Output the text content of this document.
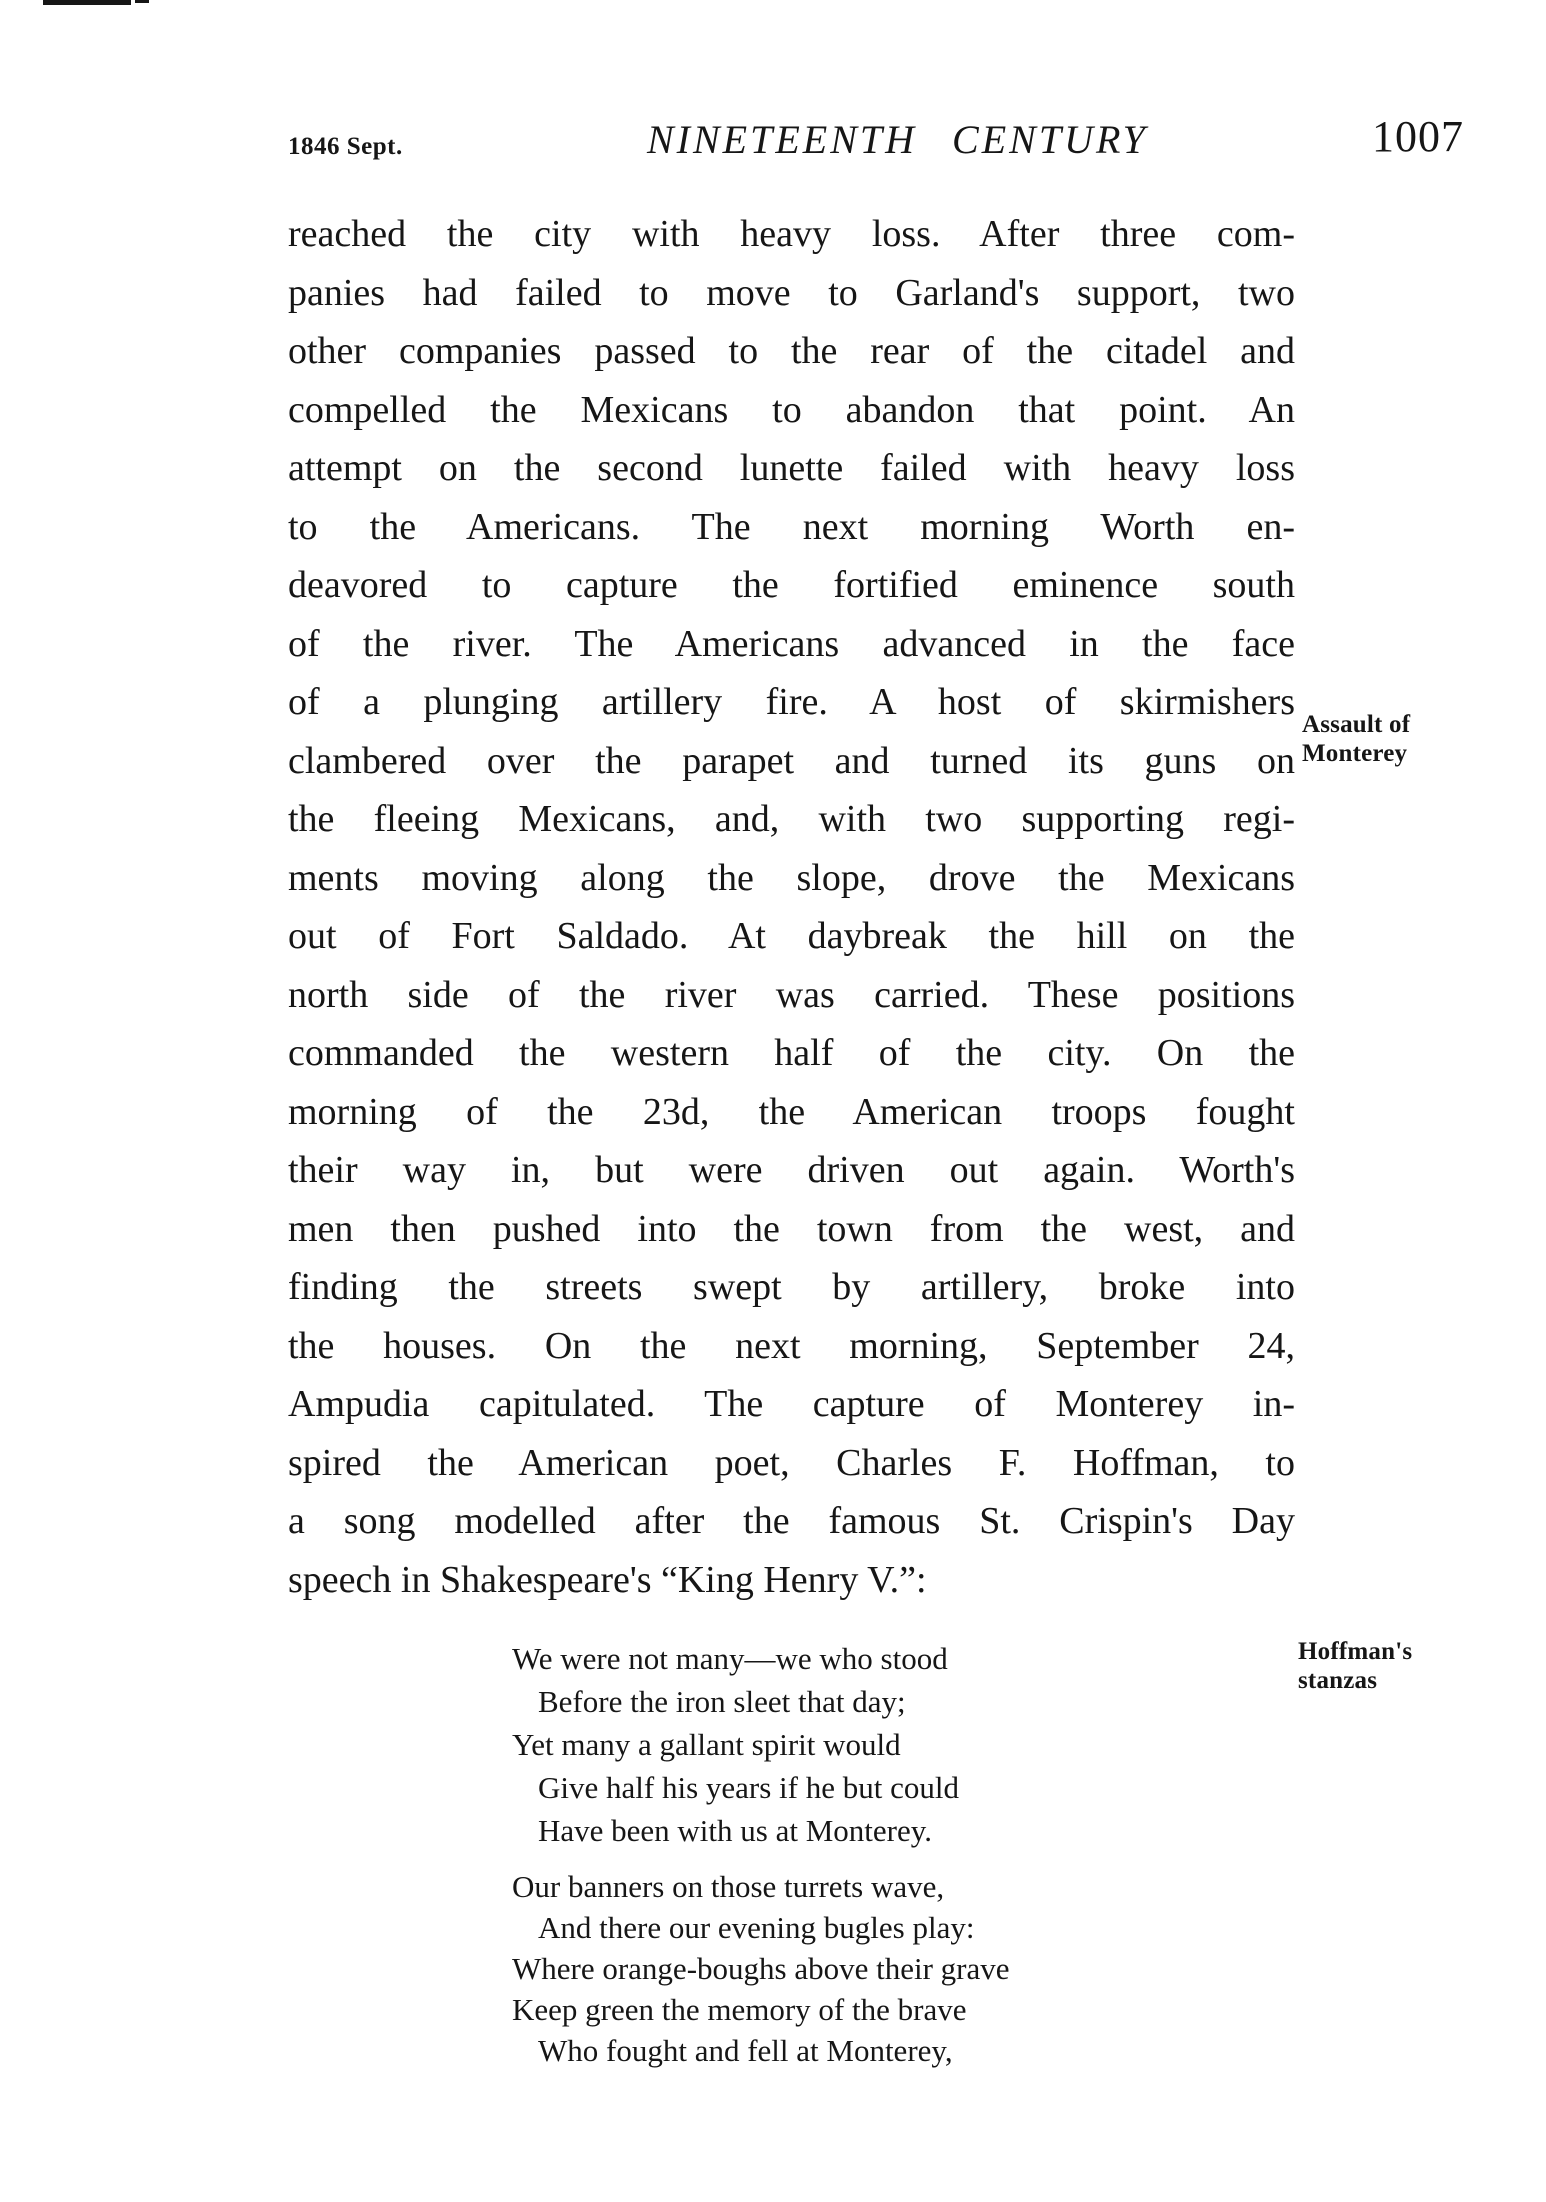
1846 Sept.	NINETEENTH CENTURY	1007
reached the city with heavy loss. After three com-
panies had failed to move to Garland's support, two
other companies passed to the rear of the citadel and
compelled the Mexicans to abandon that point. An
attempt on the second lunette failed with heavy loss
to the Americans. The next morning Worth en-
deavored to capture the fortified eminence south
of the river. The Americans advanced in the face
of a plunging artillery fire. A host of skirmishers
clambered over the parapet and turned its guns on
the fleeing Mexicans, and, with two supporting regi-
ments moving along the slope, drove the Mexicans
out of Fort Saldado. At daybreak the hill on the
north side of the river was carried. These positions
commanded the western half of the city. On the
morning of the 23d, the American troops fought
their way in, but were driven out again. Worth's
men then pushed into the town from the west, and
finding the streets swept by artillery, broke into
the houses. On the next morning, September 24,
Ampudia capitulated. The capture of Monterey in-
spired the American poet, Charles F. Hoffman, to
a song modelled after the famous St. Crispin's Day
speech in Shakespeare's “King Henry V.”:
Assault of
Monterey
Hoffman's
stanzas
We were not many—we who stood
Before the iron sleet that day;
Yet many a gallant spirit would
Give half his years if he but could
Have been with us at Monterey.
Our banners on those turrets wave,
And there our evening bugles play:
Where orange-boughs above their grave
Keep green the memory of the brave
Who fought and fell at Monterey,
